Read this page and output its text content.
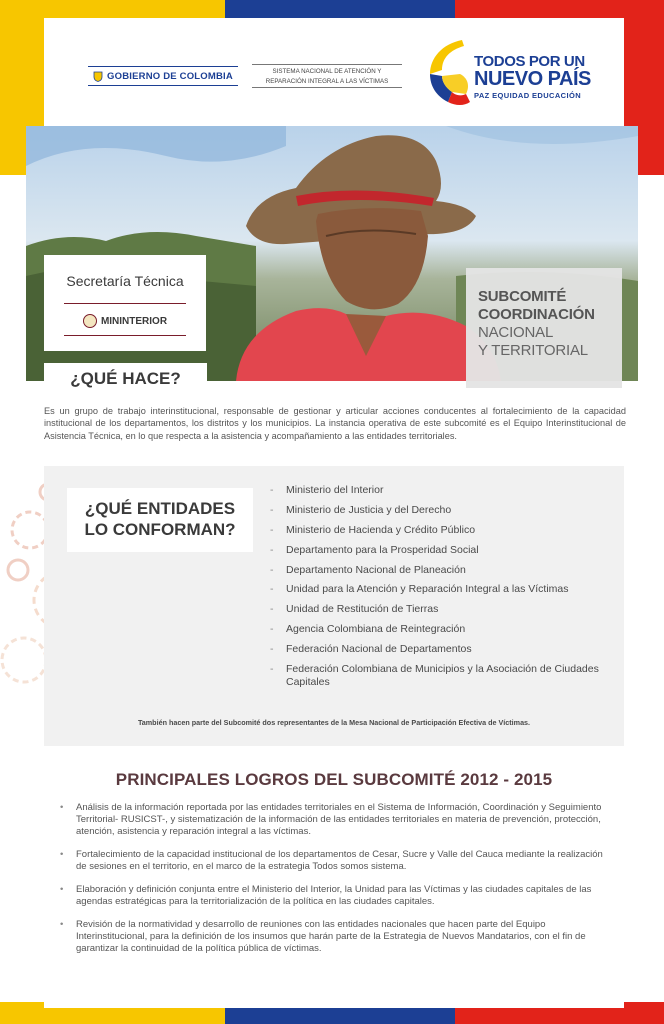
GOBIERNO DE COLOMBIA	SISTEMA NACIONAL DE ATENCIÓN Y
REPARACIÓN INTEGRAL A LAS VÍCTIMAS
TODOS POR UN
NUEVO PAÍS
PAZ EQUIDAD EDUCACIÓN
Secretaría Técnica
MININTERIOR
SUBCOMITÉ
COORDINACIÓN
NACIONAL
Y TERRITORIAL
¿QUÉ HACE?

Es un grupo de trabajo interinstitucional, responsable de gestionar y articular acciones conducentes al fortalecimiento de la capacidad institucional de los departamentos, los distritos y los municipios. La instancia operativa de este subcomité es el Equipo Interinstitucional de Asistencia Técnica, en lo que respecta a la asistencia y acompañamiento a las entidades territoriales.

¿QUÉ ENTIDADES
LO CONFORMAN?
- Ministerio del Interior
- Ministerio de Justicia y del Derecho
- Ministerio de Hacienda y Crédito Público
- Departamento para la Prosperidad Social
- Departamento Nacional de Planeación
- Unidad para la Atención y Reparación Integral a las Víctimas
- Unidad de Restitución de Tierras
- Agencia Colombiana de Reintegración
- Federación Nacional de Departamentos
- Federación Colombiana de Municipios y la Asociación de Ciudades Capitales
También hacen parte del Subcomité dos representantes de la Mesa Nacional de Participación Efectiva de Víctimas.
PRINCIPALES LOGROS DEL SUBCOMITÉ 2012 - 2015
• Análisis de la información reportada por las entidades territoriales en el Sistema de Información, Coordinación y Seguimiento Territorial- RUSICST-, y sistematización de la información de las entidades territoriales en materia de prevención, protección, atención, asistencia y reparación integral a las víctimas.
• Fortalecimiento de la capacidad institucional de los departamentos de Cesar, Sucre y Valle del Cauca mediante la realización de sesiones en el territorio, en el marco de la estrategia Todos somos sistema.
• Elaboración y definición conjunta entre el Ministerio del Interior, la Unidad para las Víctimas y las ciudades capitales de las agendas estratégicas para la territorialización de la política en las ciudades capitales.
• Revisión de la normatividad y desarrollo de reuniones con las entidades nacionales que hacen parte del Equipo Interinstitucional, para la definición de los insumos que harán parte de la Estrategia de Nuevos Mandatarios, con el fin de garantizar la continuidad de la política pública de víctimas.
